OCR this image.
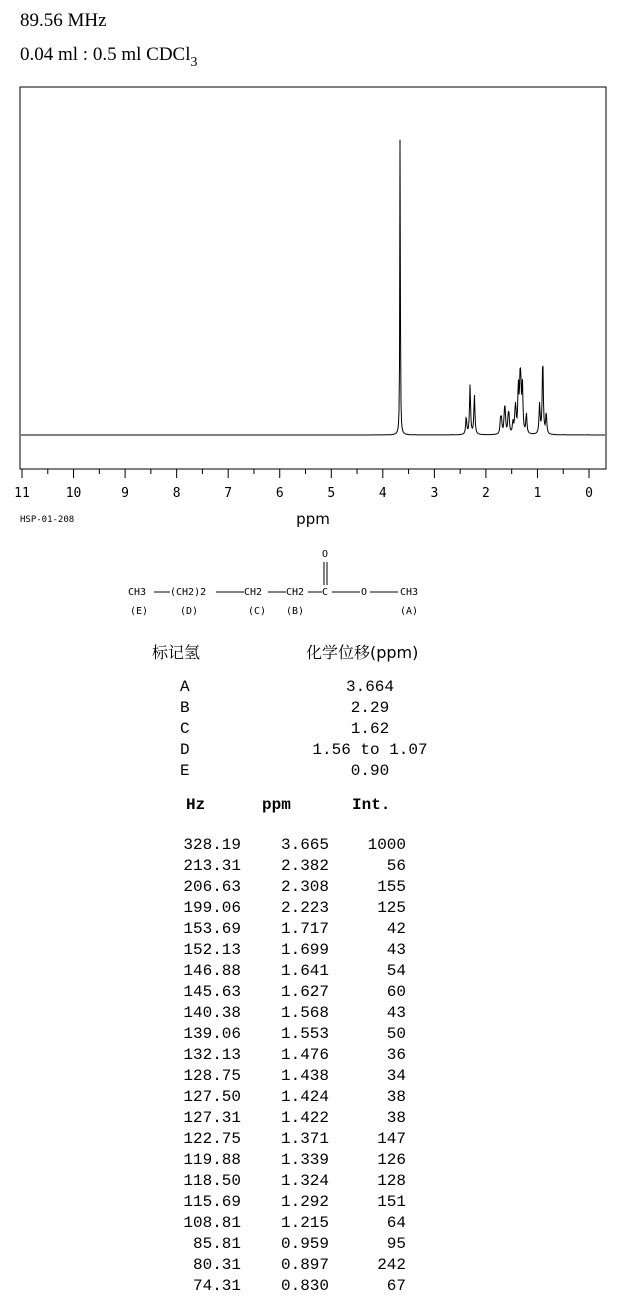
89.56 MHz
0.04 ml : 0.5 ml CDCl$_3$
11	10	9	8	7	6	5	4	3	2	1	0
ppm
HSP-01-208
CH3 (CH2)2	CH2 CH2 C	O	CH3
O
(E)	(D)	(C) (B)	(A)
标记氢	化学位移(ppm)
A	3.664
B	2.29
C	1.62
D	1.56 to 1.07
E	0.90
Hz	ppm	Int.
328.19 3.665 1000
213.31 2.382	56
206.63 2.308	155
199.06 2.223	125
153.69 1.717	42
152.13 1.699	43
146.88 1.641	54
145.63 1.627	60
140.38 1.568	43
139.06 1.553	50
132.13 1.476	36
128.75 1.438	34
127.50 1.424	38
127.31 1.422	38
122.75 1.371	147
119.88 1.339	126
118.50 1.324	128
115.69 1.292	151
108.81 1.215	64
85.81 0.959	95
80.31 0.897	242
74.31 0.830	67
